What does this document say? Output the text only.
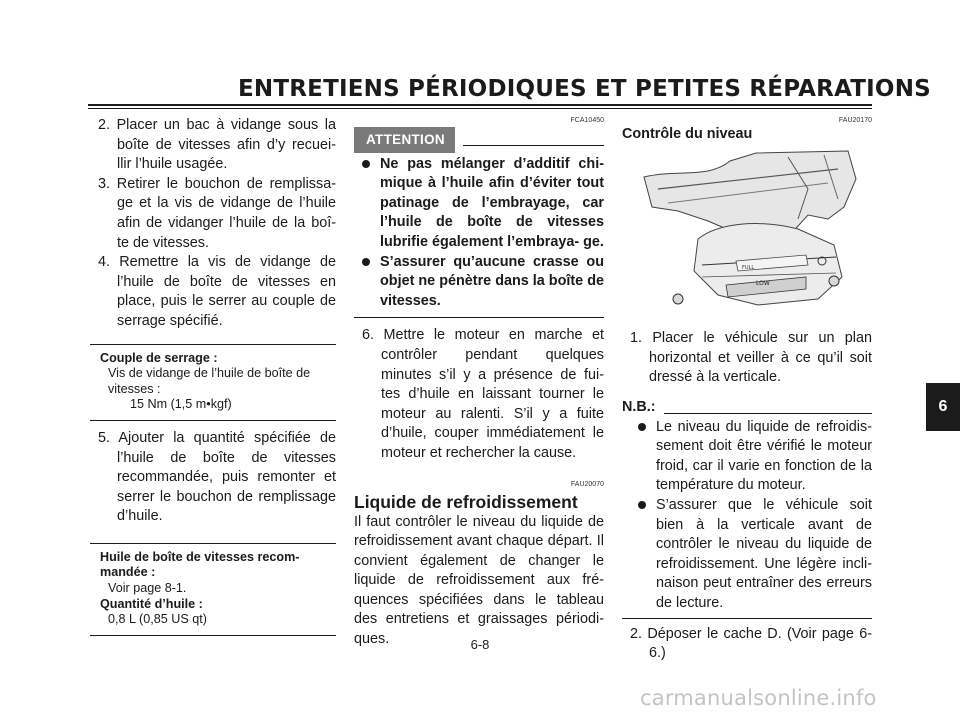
ENTRETIENS PÉRIODIQUES ET PETITES RÉPARATIONS
2. Placer un bac à vidange sous la boîte de vitesses afin d’y recuei- llir l’huile usagée.
3. Retirer le bouchon de remplissa- ge et la vis de vidange de l’huile afin de vidanger l’huile de la boî- te de vitesses.
4. Remettre la vis de vidange de l’huile de boîte de vitesses en place, puis le serrer au couple de serrage spécifié.
Couple de serrage :
Vis de vidange de l’huile de boîte de vitesses :
15 Nm (1,5 m•kgf)
5. Ajouter la quantité spécifiée de l’huile de boîte de vitesses recommandée, puis remonter et serrer le bouchon de remplissage d’huile.
Huile de boîte de vitesses recom- mandée :
Voir page 8-1.
Quantité d’huile :
0,8 L (0,85 US qt)
FCA10450
ATTENTION
Ne pas mélanger d’additif chi- mique à l’huile afin d’éviter tout patinage de l’embrayage, car l’huile de boîte de vitesses lubrifie également l’embraya- ge.
S’assurer qu’aucune crasse ou objet ne pénètre dans la boîte de vitesses.
6. Mettre le moteur en marche et contrôler pendant quelques minutes s’il y a présence de fui- tes d’huile en laissant tourner le moteur au ralenti. S’il y a fuite d’huile, couper immédiatement le moteur et rechercher la cause.
FAU20070
Liquide de refroidissement
Il faut contrôler le niveau du liquide de refroidissement avant chaque départ. Il convient également de changer le liquide de refroidissement aux fré- quences spécifiées dans le tableau des entretiens et graissages périodi- ques.
FAU20170
Contrôle du niveau
FULL
LOW
1. Placer le véhicule sur un plan horizontal et veiller à ce qu’il soit dressé à la verticale.
N.B.:
Le niveau du liquide de refroidis- sement doit être vérifié le moteur froid, car il varie en fonction de la température du moteur.
S’assurer que le véhicule soit bien à la verticale avant de contrôler le niveau du liquide de refroidissement. Une légère incli- naison peut entraîner des erreurs de lecture.
2. Déposer le cache D. (Voir page 6-6.)
6
6-8
carmanualsonline.info
